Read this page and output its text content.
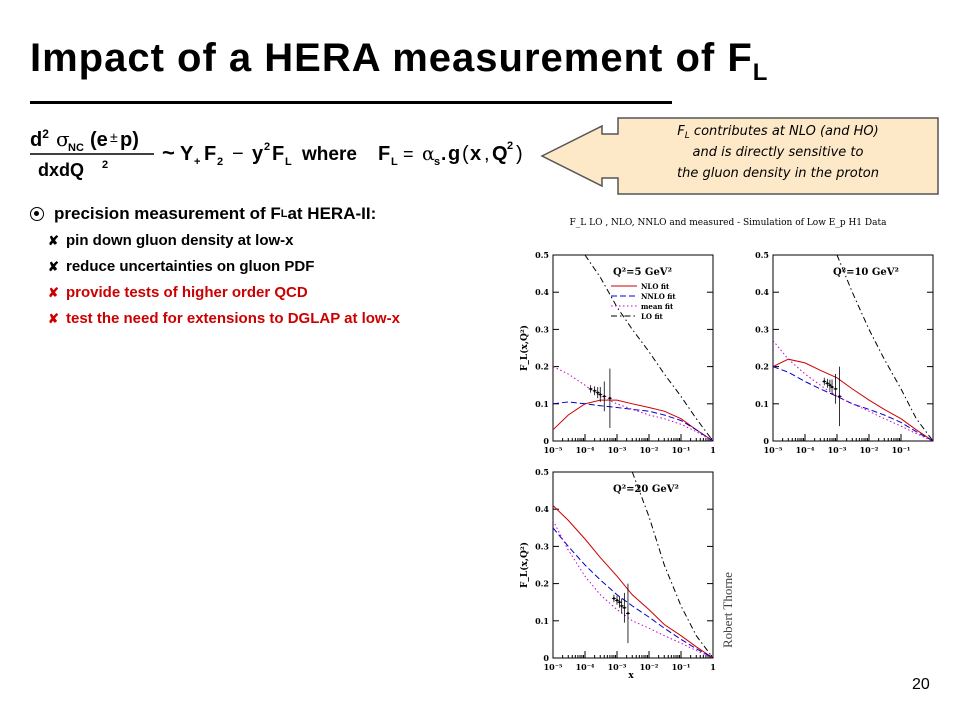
Impact of a HERA measurement of $F_L$
$d^2$ σ
NC (e ± p)
dxdQ 2 ~ Y + F 2 − y 2 F L where F L = α s . g ( x , Q 2 )
$F_L$ contributes at NLO (and HO)
and is directly sensitive to
the gluon density in the proton
precision measurement of F L at HERA-II:
✘ pin down gluon density at low-x
✘ reduce uncertainties on gluon PDF
✘ provide tests of higher order QCD
✘ test the need for extensions to DGLAP at low-x
F_L LO , NLO, NNLO and measured - Simulation of Low E_p H1 Data
0
0.1
0.2
0.3
0.4
0.5
10⁻⁵ 10⁻⁴ 10⁻³ 10⁻² 10⁻¹ 1
Q²=5 GeV²
F_L(x,Q²)
NLO fit
NNLO fit
mean fit
LO fit
0
0.1
0.2
0.3
0.4
0.5
10⁻⁵ 10⁻⁴ 10⁻³ 10⁻² 10⁻¹
Q²=10 GeV²
0
0.1
0.2
0.3
0.4
0.5
10⁻⁵ 10⁻⁴ 10⁻³ 10⁻² 10⁻¹ 1
Q²=20 GeV²
F_L(x,Q²)
x
Robert Thorne
20
